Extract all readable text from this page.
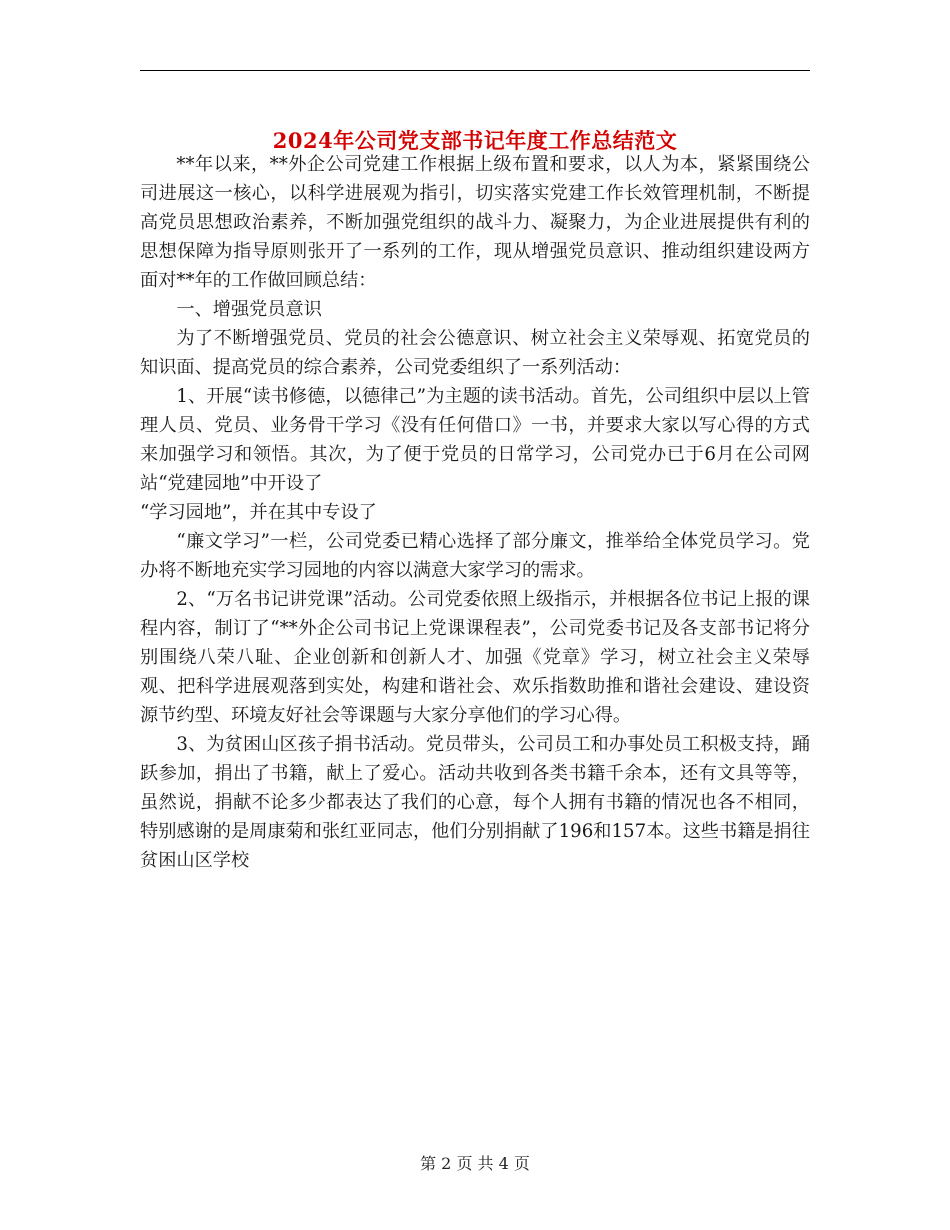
2024年公司党支部书记年度工作总结范文

**年以来，**外企公司党建工作根据上级布置和要求，以人为本，紧紧围绕公司进展这一核心，以科学进展观为指引，切实落实党建工作长效管理机制，不断提高党员思想政治素养，不断加强党组织的战斗力、凝聚力，为企业进展提供有利的思想保障为指导原则张开了一系列的工作，现从增强党员意识、推动组织建设两方面对**年的工作做回顾总结：

一、增强党员意识

为了不断增强党员、党员的社会公德意识、树立社会主义荣辱观、拓宽党员的知识面、提高党员的综合素养，公司党委组织了一系列活动：

1、开展“读书修德，以德律己”为主题的读书活动。首先，公司组织中层以上管理人员、党员、业务骨干学习《没有任何借口》一书，并要求大家以写心得的方式来加强学习和领悟。其次，为了便于党员的日常学习，公司党办已于6月在公司网站“党建园地”中开设了

“学习园地”，并在其中专设了

“廉文学习”一栏，公司党委已精心选择了部分廉文，推举给全体党员学习。党办将不断地充实学习园地的内容以满意大家学习的需求。

2、“万名书记讲党课”活动。公司党委依照上级指示，并根据各位书记上报的课程内容，制订了“**外企公司书记上党课课程表”，公司党委书记及各支部书记将分别围绕八荣八耻、企业创新和创新人才、加强《党章》学习，树立社会主义荣辱观、把科学进展观落到实处，构建和谐社会、欢乐指数助推和谐社会建设、建设资源节约型、环境友好社会等课题与大家分享他们的学习心得。

3、为贫困山区孩子捐书活动。党员带头，公司员工和办事处员工积极支持，踊跃参加，捐出了书籍，献上了爱心。活动共收到各类书籍千余本，还有文具等等，虽然说，捐献不论多少都表达了我们的心意，每个人拥有书籍的情况也各不相同，特别感谢的是周康菊和张红亚同志，他们分别捐献了196和157本。这些书籍是捐往贫困山区学校

第 2 页 共 4 页
